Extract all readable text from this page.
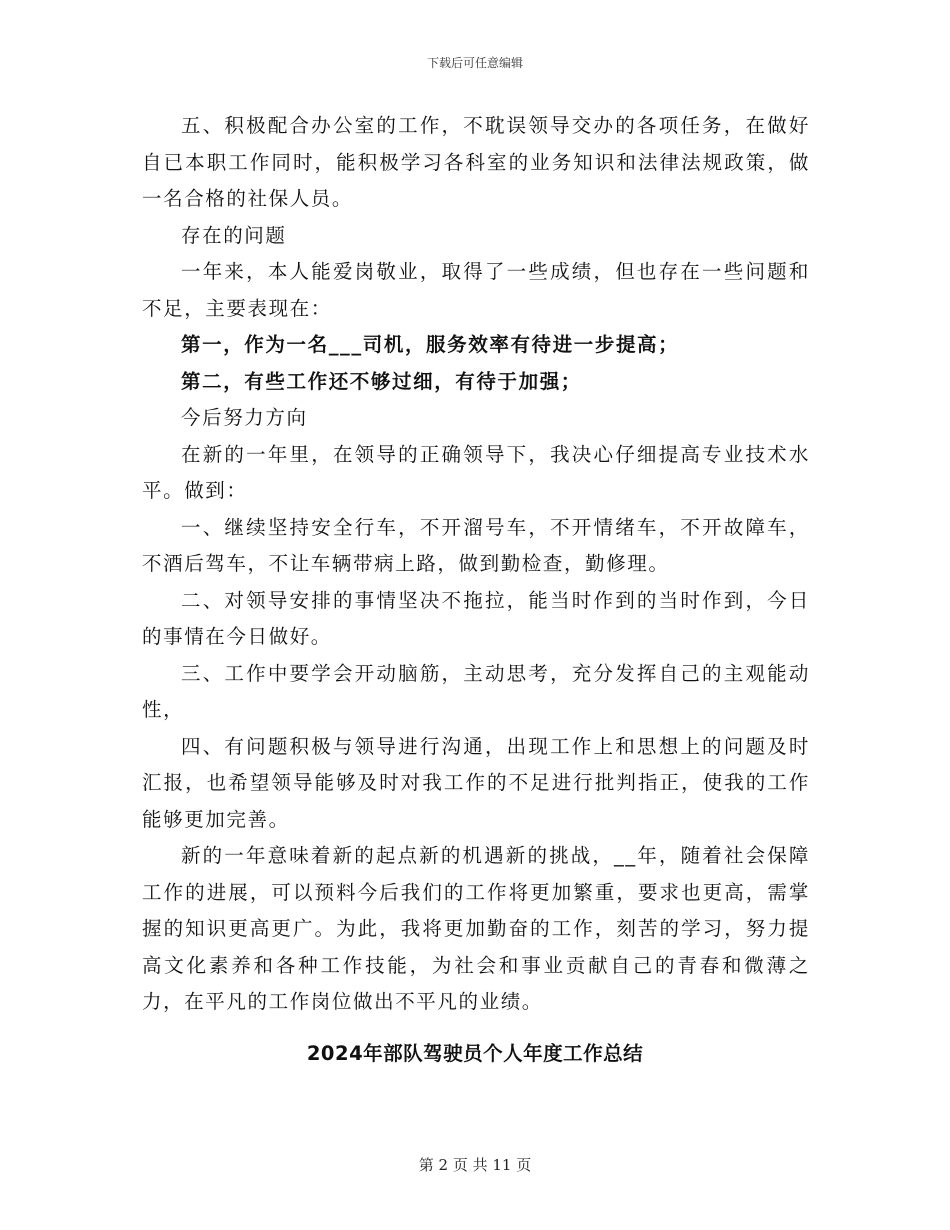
下载后可任意编辑

五、积极配合办公室的工作，不耽误领导交办的各项任务，在做好自已本职工作同时，能积极学习各科室的业务知识和法律法规政策，做一名合格的社保人员。

存在的问题

一年来，本人能爱岗敬业，取得了一些成绩，但也存在一些问题和不足，主要表现在：

第一，作为一名___司机，服务效率有待进一步提高；

第二，有些工作还不够过细，有待于加强；

今后努力方向

在新的一年里，在领导的正确领导下，我决心仔细提高专业技术水平。做到：

一、继续坚持安全行车，不开溜号车，不开情绪车，不开故障车，不酒后驾车，不让车辆带病上路，做到勤检查，勤修理。

二、对领导安排的事情坚决不拖拉，能当时作到的当时作到，今日的事情在今日做好。

三、工作中要学会开动脑筋，主动思考，充分发挥自己的主观能动性，

四、有问题积极与领导进行沟通，出现工作上和思想上的问题及时汇报，也希望领导能够及时对我工作的不足进行批判指正，使我的工作能够更加完善。

新的一年意味着新的起点新的机遇新的挑战，__年，随着社会保障工作的进展，可以预料今后我们的工作将更加繁重，要求也更高，需掌握的知识更高更广。为此，我将更加勤奋的工作，刻苦的学习，努力提高文化素养和各种工作技能，为社会和事业贡献自己的青春和微薄之力，在平凡的工作岗位做出不平凡的业绩。

2024年部队驾驶员个人年度工作总结
第 2 页 共 11 页
